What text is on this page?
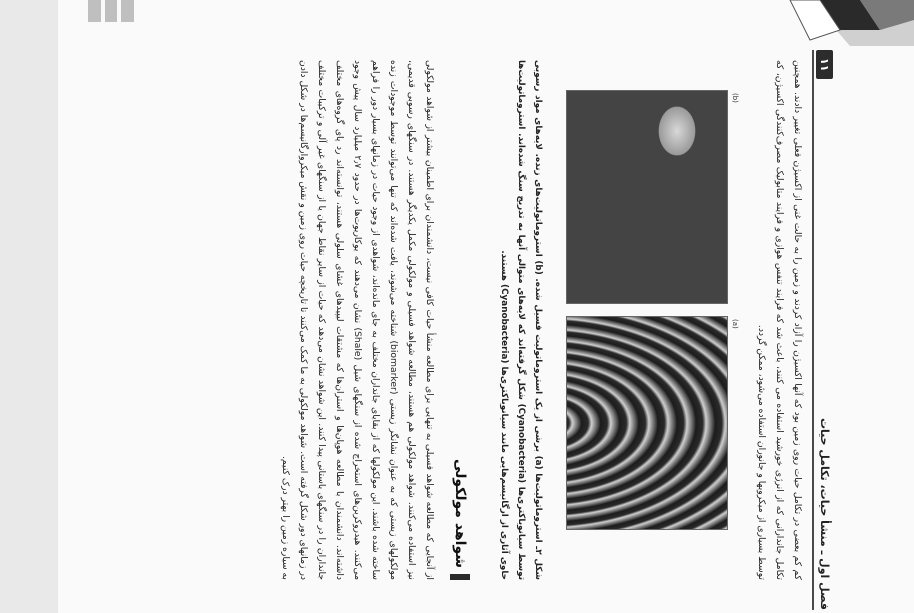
فصل اول ـ منشأ حیات، تکامل حیات
۱۱
کم کم بعضی در تکامل حیات روی زمین بود که آنها اکسیژن را آزاد کردند و زمین را به حالت غنی از اکسیژن فعلی تغییر دادند. همچنین تکامل جاندارانی که از انرژی خورشید استفاده می کنند، باعث شد که فرایند تنفس هوازی و فرایند متابولیک مصرف‌کنندگی اکسیژن، که توسط بسیاری از میکروبها و جانوران استفاده می‌شود، ممکن گردد.
(b)
(a)
شکل ۲ـ استروماتولیت‌ها (a) برشی از یک استروماتولیت فسیل شده. (b) استروماتولیت‌های زنده. لایه‌های مواد رسوبی توسط سیانوباکتری‌ها (Cyanobacteria) شکل گرفته‌اند که لایه‌های متوالی آنها به تدریج سنگ شده‌اند. استروماتولیت‌ها حاوی آثاری از ارگانیسم‌هایی مانند سیانوباکتری‌ها (Cyanobacteria) هستند.
شواهد مولکولی
از آنجایی که مطالعه شواهد فسیلی به تنهایی برای مطالعه منشأ حیات کافی نیست، دانشمندان برای اطمینان بیشتر از شواهد مولکولی نیز استفاده می‌کنند. شواهد مولکولی هم هستند، مطالعه شواهد فسیلی و مولکولی مکمل یکدیگر هستند. در سنگهای رسوبی قدیمی، مولکولهای زیستی که به عنوان نشانگر زیستی (biomarker) شناخته می‌شوند، یافت شده‌اند که تنها می‌توانند توسط موجودات زنده ساخته شده باشند. این مولکولها که از بقایای جانداران مختلف به جای مانده‌اند، شواهدی از وجود حیات در زمانهای بسیار دور را فراهم می‌کنند. هیدروکربن‌های استخراج شده از سنگهای شیل (Shale) نشان می‌دهند که یوکاریوت‌ها در حدود ۲٫۷ میلیارد سال پیش وجود داشته‌اند. دانشمندان با مطالعه هوپان‌ها و استران‌ها که مشتقات لیپیدهای غشای سلولی هستند، توانسته‌اند رد پای گروه‌های مختلف جانداران را در سنگهای باستانی پیدا کنند. این شواهد نشان می‌دهد که حیات از سایر نقاط جهان یا از سنگهای غیر آلی و ترکیبات مختلف در زمانهای دور شکل گرفته است. شواهد مولکولی به ما کمک می‌کنند تا تاریخچه حیات روی زمین و نقش میکروارگانیسم‌ها در شکل دادن به سیاره زمین را بهتر درک کنیم.
